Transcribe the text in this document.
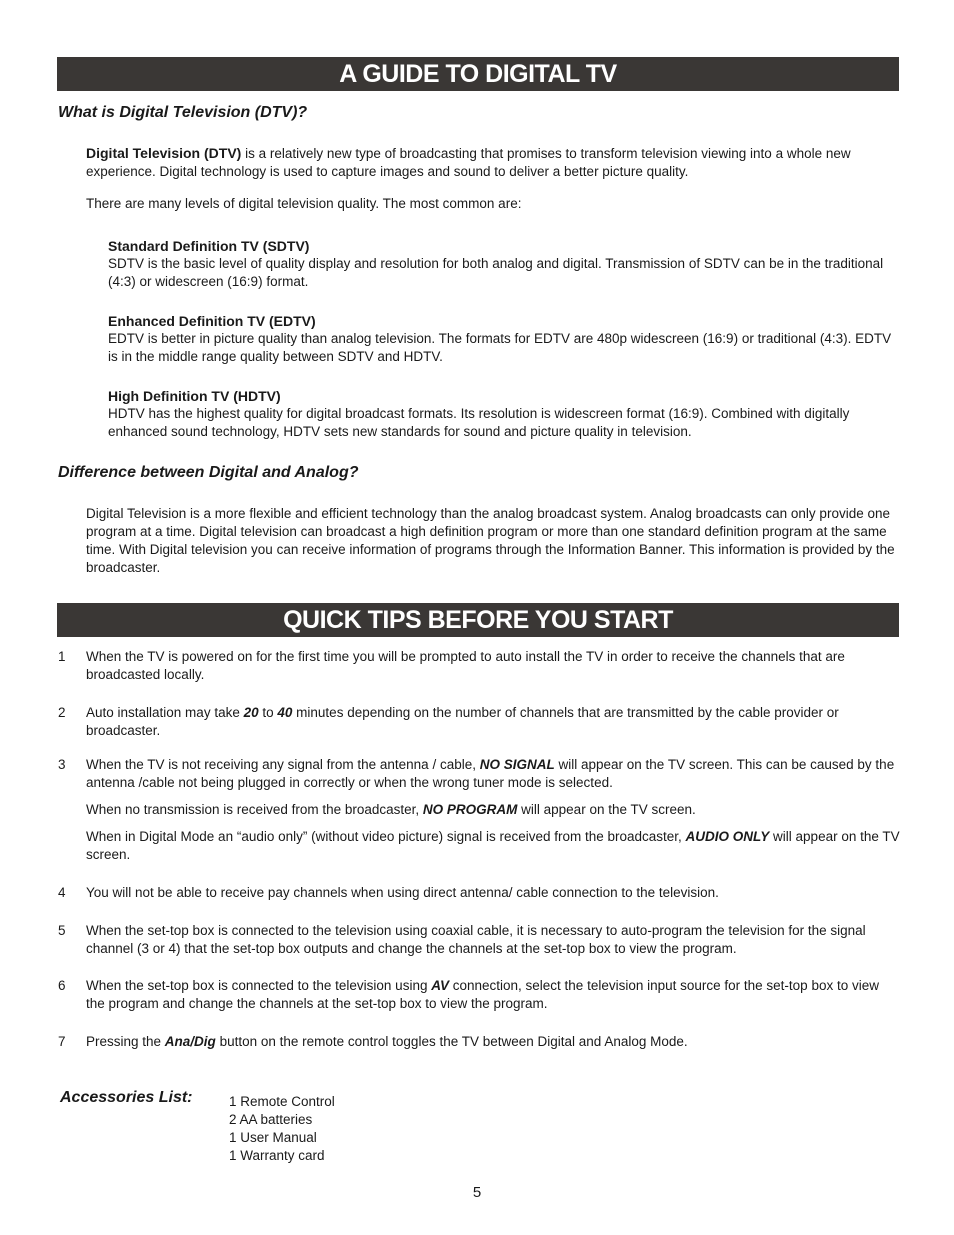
A GUIDE TO DIGITAL TV
What is Digital Television (DTV)?
Digital Television (DTV) is a relatively new type of broadcasting that promises to transform television viewing into a whole new experience. Digital technology is used to capture images and sound to deliver a better picture quality.
There are many levels of digital television quality. The most common are:
Standard Definition TV (SDTV)
SDTV is the basic level of quality display and resolution for both analog and digital. Transmission of SDTV can be in the traditional (4:3) or widescreen (16:9) format.
Enhanced Definition TV (EDTV)
EDTV is better in picture quality than analog television. The formats for EDTV are 480p widescreen (16:9) or traditional (4:3). EDTV is in the middle range quality between SDTV and HDTV.
High Definition TV (HDTV)
HDTV has the highest quality for digital broadcast formats. Its resolution is widescreen format (16:9). Combined with digitally enhanced sound technology, HDTV sets new standards for sound and picture quality in television.
Difference between Digital and Analog?
Digital Television is a more flexible and efficient technology than the analog broadcast system. Analog broadcasts can only provide one program at a time. Digital television can broadcast a high definition program or more than one standard definition program at the same time. With Digital television you can receive information of programs through the Information Banner. This information is provided by the broadcaster.
QUICK TIPS BEFORE YOU START
1	When the TV is powered on for the first time you will be prompted to auto install the TV in order to receive the channels that are broadcasted locally.
2	Auto installation may take 20 to 40 minutes depending on the number of channels that are transmitted by the cable provider or broadcaster.
3	When the TV is not receiving any signal from the antenna / cable, NO SIGNAL will appear on the TV screen. This can be caused by the antenna /cable not being plugged in correctly or when the wrong tuner mode is selected.
When no transmission is received from the broadcaster, NO PROGRAM will appear on the TV screen.
When in Digital Mode an “audio only” (without video picture) signal is received from the broadcaster, AUDIO ONLY will appear on the TV screen.
4	You will not be able to receive pay channels when using direct antenna/ cable connection to the television.
5	When the set-top box is connected to the television using coaxial cable, it is necessary to auto-program the television for the signal channel (3 or 4) that the set-top box outputs and change the channels at the set-top box to view the program.
6	When the set-top box is connected to the television using AV connection, select the television input source for the set-top box to view the program and change the channels at the set-top box to view the program.
7	Pressing the Ana/Dig button on the remote control toggles the TV between Digital and Analog Mode.
Accessories List:	1 Remote Control
2 AA batteries
1 User Manual
1 Warranty card
5
